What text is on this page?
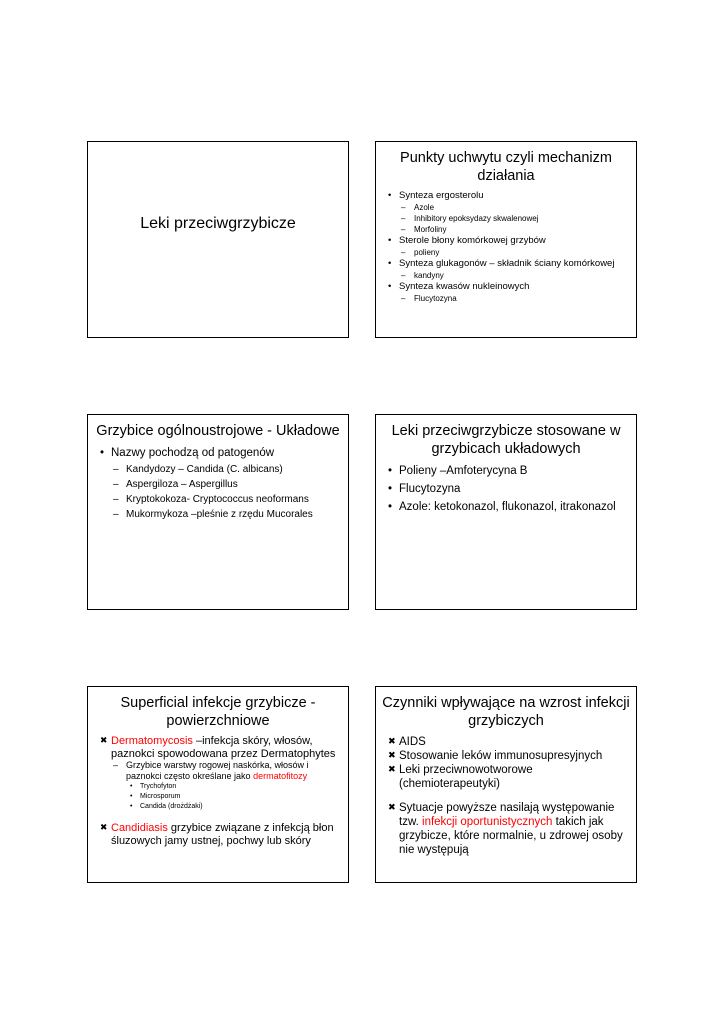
Leki przeciwgrzybicze
Punkty uchwytu czyli mechanizm działania
• Synteza ergosterolu
– Azole
– Inhibitory epoksydazy skwalenowej
– Morfoliny
• Sterole błony komórkowej grzybów
– polieny
• Synteza glukagonów – składnik ściany komórkowej
– kandyny
• Synteza kwasów nukleinowych
– Flucytozyna
Grzybice ogólnoustrojowe - Układowe
• Nazwy pochodzą od patogenów
– Kandydozy – Candida (C. albicans)
– Aspergiloza – Aspergillus
– Kryptokokoza- Cryptococcus neoformans
– Mukormykoza –pleśnie z rzędu Mucorales
Leki przeciwgrzybicze stosowane w grzybicach układowych
• Polieny –Amfoterycyna B
• Flucytozyna
• Azole: ketokonazol, flukonazol, itrakonazol
Superficial infekcje grzybicze - powierzchniowe
✖ Dermatomycosis –infekcja skóry, włosów, paznokci spowodowana przez Dermatophytes
– Grzybice warstwy rogowej naskórka, włosów i paznokci często określane jako dermatofitozy
• Trychofyton
• Microsporum
• Candida (drożdżaki)
✖ Candidiasis grzybice związane z infekcją błon śluzowych jamy ustnej, pochwy lub skóry
Czynniki wpływające na wzrost infekcji grzybiczych
✖ AIDS
✖ Stosowanie leków immunosupresyjnych
✖ Leki przeciwnowotworowe (chemioterapeutyki)
✖ Sytuacje powyższe nasilają występowanie tzw. infekcji oportunistycznych takich jak grzybicze, które normalnie, u zdrowej osoby nie występują
